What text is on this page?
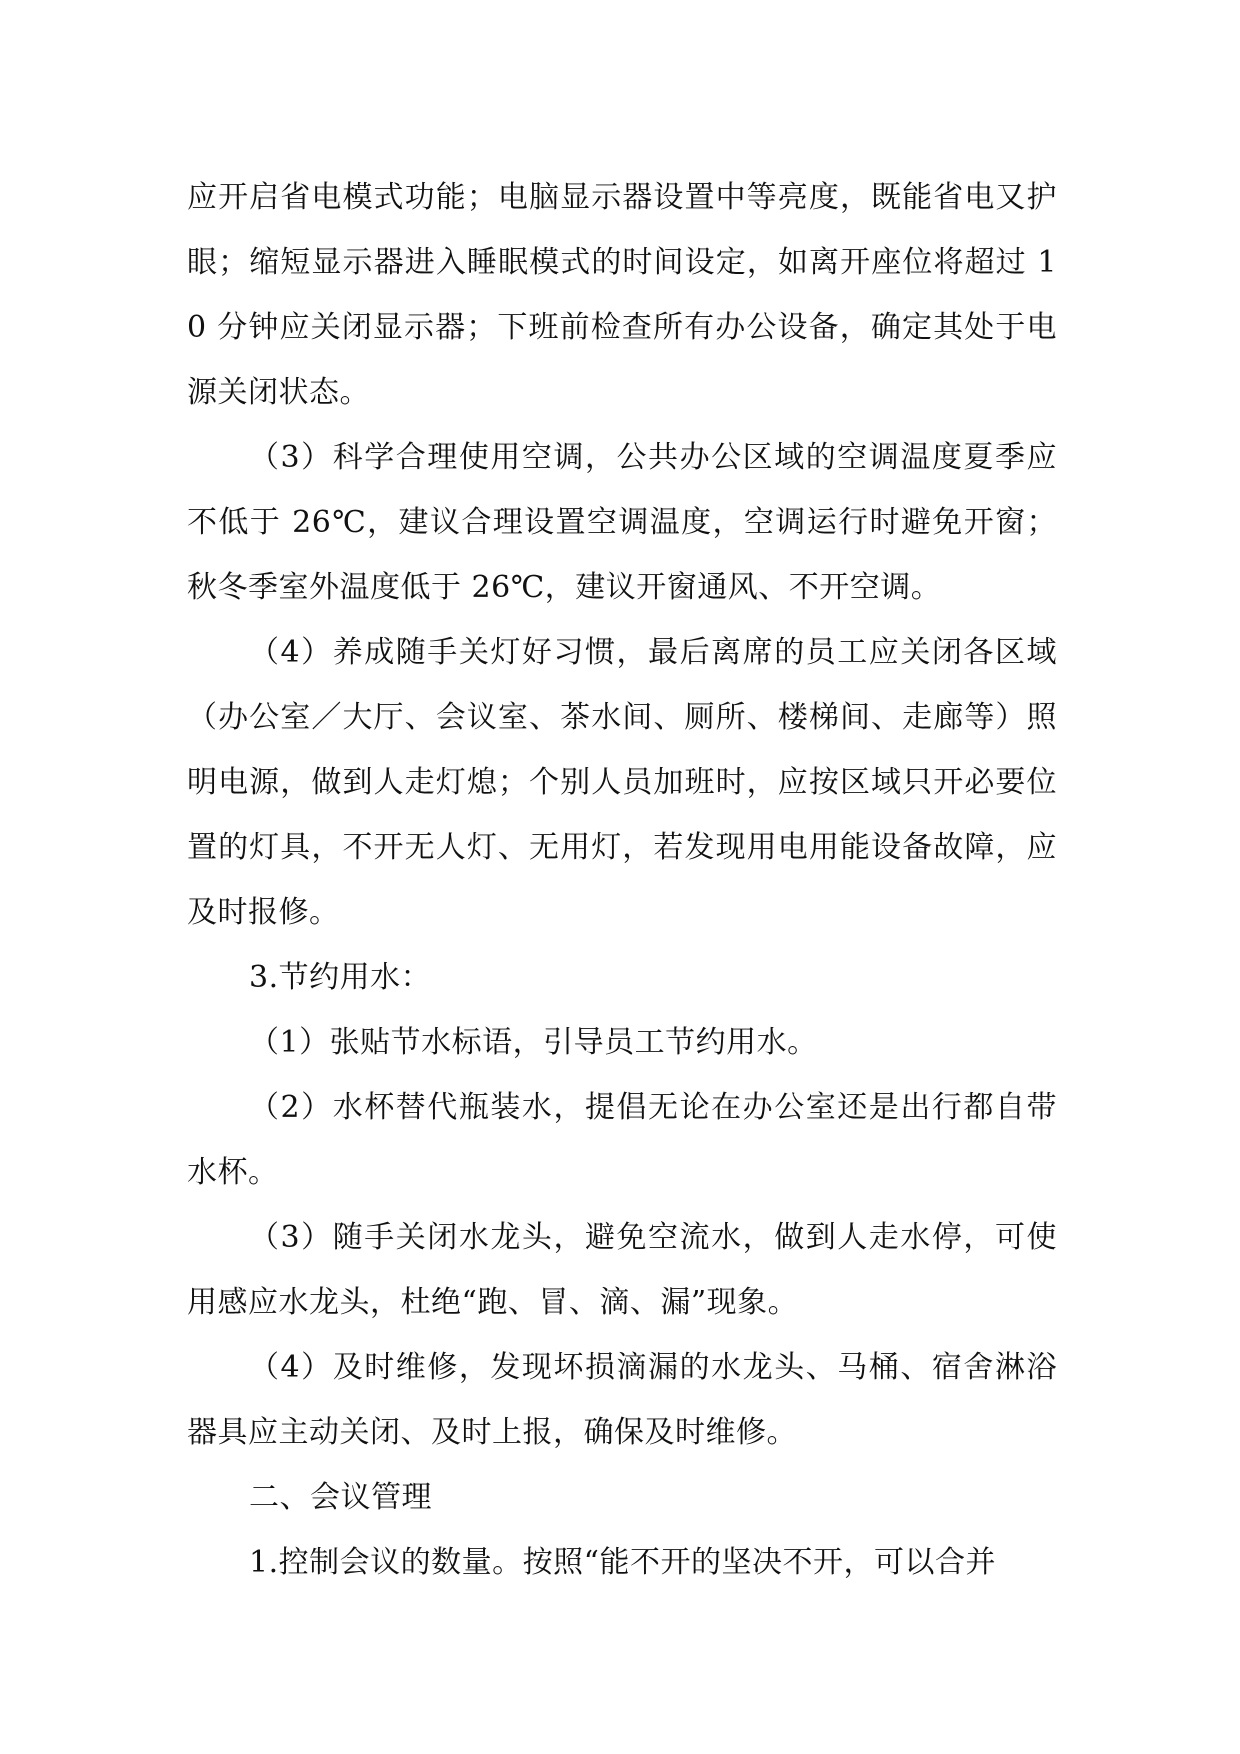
应开启省电模式功能；电脑显示器设置中等亮度，既能省电又护眼；缩短显示器进入睡眠模式的时间设定，如离开座位将超过 10 分钟应关闭显示器；下班前检查所有办公设备，确定其处于电源关闭状态。

（3）科学合理使用空调，公共办公区域的空调温度夏季应不低于 26℃，建议合理设置空调温度，空调运行时避免开窗；秋冬季室外温度低于 26℃，建议开窗通风、不开空调。

（4）养成随手关灯好习惯，最后离席的员工应关闭各区域（办公室／大厅、会议室、茶水间、厕所、楼梯间、走廊等）照明电源，做到人走灯熄；个别人员加班时，应按区域只开必要位置的灯具，不开无人灯、无用灯，若发现用电用能设备故障，应及时报修。

3.节约用水：

（1）张贴节水标语，引导员工节约用水。

（2）水杯替代瓶装水，提倡无论在办公室还是出行都自带水杯。

（3）随手关闭水龙头，避免空流水，做到人走水停，可使用感应水龙头，杜绝“跑、冒、滴、漏”现象。

（4）及时维修，发现坏损滴漏的水龙头、马桶、宿舍淋浴器具应主动关闭、及时上报，确保及时维修。

二、会议管理

1.控制会议的数量。按照“能不开的坚决不开，可以合并
